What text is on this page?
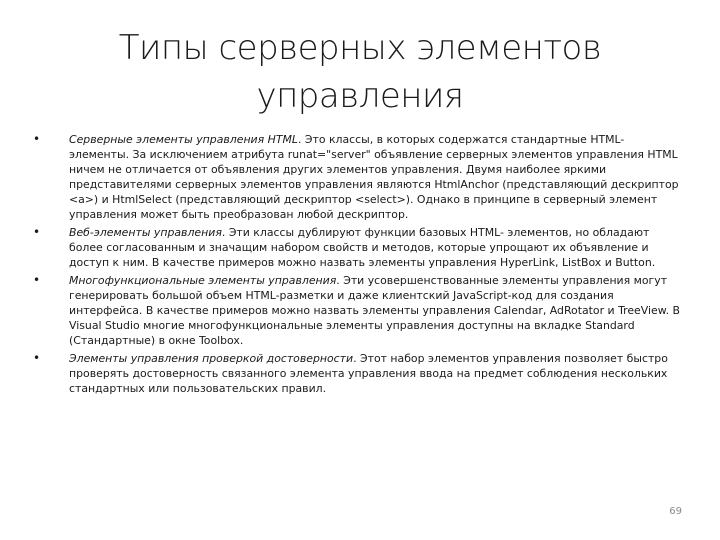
Типы серверных элементов
управления
•	Серверные элементы управления HTML. Это классы, в которых содержатся стандартные HTML-элементы. За исключением атрибута runat="server" объявление серверных элементов управления HTML ничем не отличается от объявления других элементов управления. Двумя наиболее яркими представителями серверных элементов управления являются HtmlAnchor (представляющий дескриптор <a>) и HtmlSelect (представляющий дескриптор <select>). Однако в принципе в серверный элемент управления может быть преобразован любой дескриптор.
•	Веб-элементы управления. Эти классы дублируют функции базовых HTML- элементов, но обладают более согласованным и значащим набором свойств и методов, которые упрощают их объявление и доступ к ним. В качестве примеров можно назвать элементы управления HyperLink, ListBox и Button.
•	Многофункциональные элементы управления. Эти усовершенствованные элементы управления могут генерировать большой объем HTML-разметки и даже клиентский JavaScript-код для создания интерфейса. В качестве примеров можно назвать элементы управления Calendar, AdRotator и TreeView. В Visual Studio многие многофункциональные элементы управления доступны на вкладке Standard (Стандартные) в окне Toolbox.
•	Элементы управления проверкой достоверности. Этот набор элементов управления позволяет быстро проверять достоверность связанного элемента управления ввода на предмет соблюдения нескольких стандартных или пользовательских правил.
69
